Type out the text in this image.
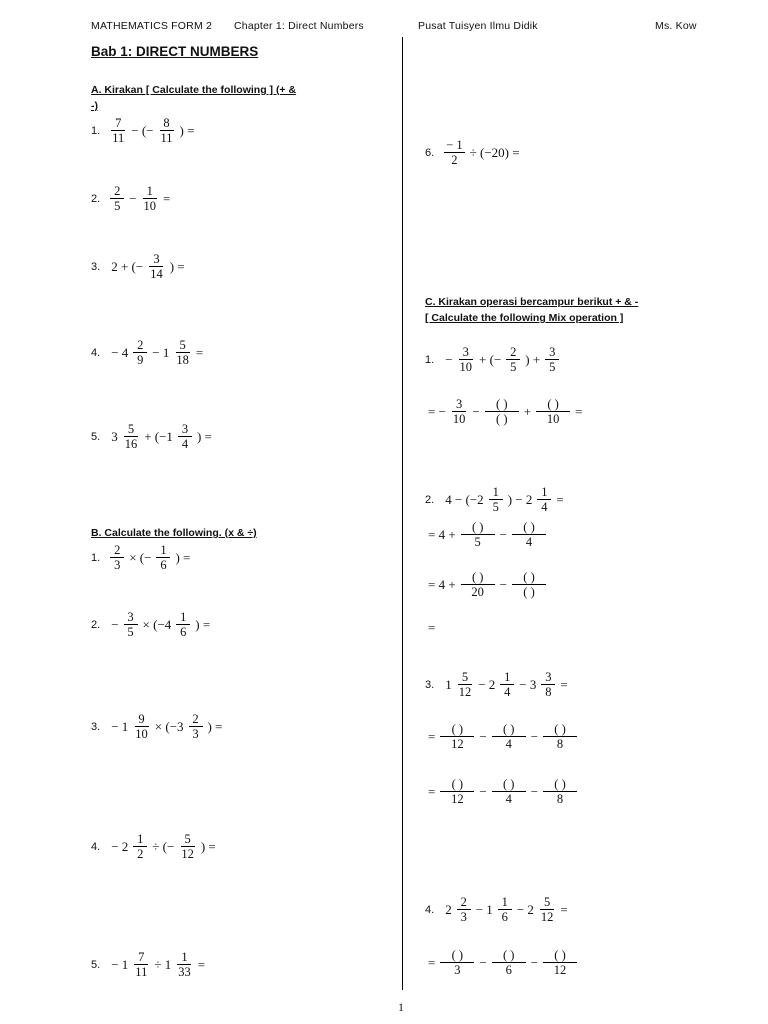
MATHEMATICS FORM 2 Chapter 1: Direct Numbers	Pusat Tuisyen Ilmu Didik	Ms. Kow
Bab 1: DIRECT NUMBERS
A. Kirakan [ Calculate the following ] (+ &
-)
1. $\frac{7}{11}$ − (− $\frac{8}{11}$ ) =
2. $\frac{2}{5} - \frac{1}{10}$ =
3. 2 + (− $\frac{3}{14}$ ) =
4. − $4 \frac{2}{9} - 1 \frac{5}{18}$ =
5. $3 \frac{5}{16} + (-1 \frac{3}{4}$ ) =
B. Calculate the following. (x & ÷)
1. $\frac{2}{3}$ × (− $\frac{1}{6}$ ) =
2. − $\frac{3}{5} \times (-4 \frac{1}{6}$ ) =
3. − $1 \frac{9}{10} \times (-3 \frac{2}{3}$ ) =
4. − $2 \frac{1}{2}$ ÷ (− $\frac{5}{12}$ ) =
5. − $1 \frac{7}{11} \div 1 \frac{1}{33}$ =
6. $\frac{- 1}{2} \div (-20)$ =
C. Kirakan operasi bercampur berikut + & -
[ Calculate the following Mix operation ]
1. − $\frac{3}{10}$ + (− $\frac{2}{5}$ ) + $\frac{3}{5}$
= − $\frac{3}{10} - \frac{( )}{( )} + \frac{( )}{10}$ =
2. $4 - (-2 \frac{1}{5}$ ) − $2 \frac{1}{4}$ =
= $4 + \frac{( )}{5} - \frac{( )}{4}$
= $4 + \frac{( )}{20} - \frac{( )}{( )}$
=
3. $1 \frac{5}{12} - 2 \frac{1}{4} - 3 \frac{3}{8}$ =
= $\frac{( )}{12} - \frac{( )}{4} - \frac{( )}{8}$
= $\frac{( )}{12} - \frac{( )}{4} - \frac{( )}{8}$
4. $2 \frac{2}{3} - 1 \frac{1}{6} - 2 \frac{5}{12}$ =
= $\frac{( )}{3} - \frac{( )}{6} - \frac{( )}{12}$
1
